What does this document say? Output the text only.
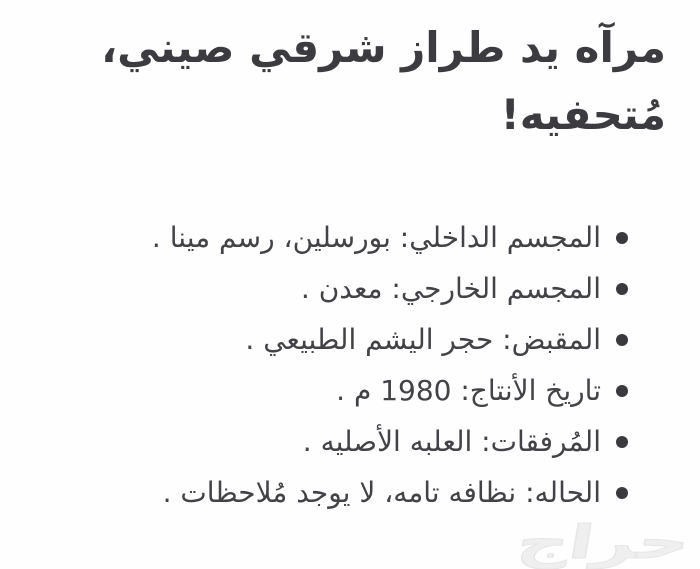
مرآه يد طراز شرقي صيني،
مُتحفيه!
المجسم الداخلي: بورسلين، رسم مينا .
المجسم الخارجي: معدن .
المقبض: حجر اليشم الطبيعي .
تاريخ الأنتاج: 1980 م .
المُرفقات: العلبه الأصليه .
الحاله: نظافه تامه، لا يوجد مُلاحظات .
حراج
